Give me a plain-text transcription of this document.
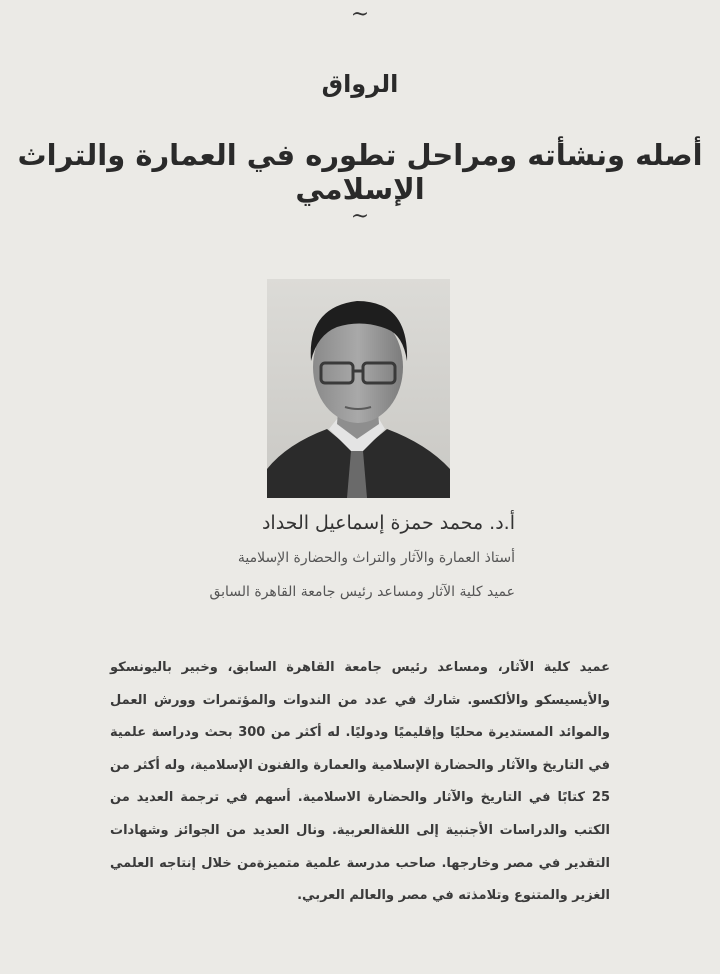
~
الرواق
أصله ونشأته ومراحل تطوره في العمارة والتراث الإسلامي
~
أ.د. محمد حمزة إسماعيل الحداد
أستاذ العمارة والآثار والتراث والحضارة الإسلامية
عميد كلية الآثار ومساعد رئيس جامعة القاهرة السابق
عميد كلية الآثار، ومساعد رئيس جامعة القاهرة السابق، وخبير باليونسكو والأيسيسكو والألكسو. شارك في عدد من الندوات والمؤتمرات وورش العمل والموائد المستديرة محليًا وإقليميًا ودوليًا. له أكثر من 300 بحث ودراسة علمية في التاريخ والآثار والحضارة الإسلامية والعمارة والفنون الإسلامية، وله أكثر من 25 كتابًا في التاريخ والآثار والحضارة الاسلامية. أسهم في ترجمة العديد من الكتب والدراسات الأجنبية إلى اللغةالعربية. ونال العديد من الجوائز وشهادات التقدير في مصر وخارجها. صاحب مدرسة علمية متميزةمن خلال إنتاجه العلمي الغزير والمتنوع وتلامذته في مصر والعالم العربي.
